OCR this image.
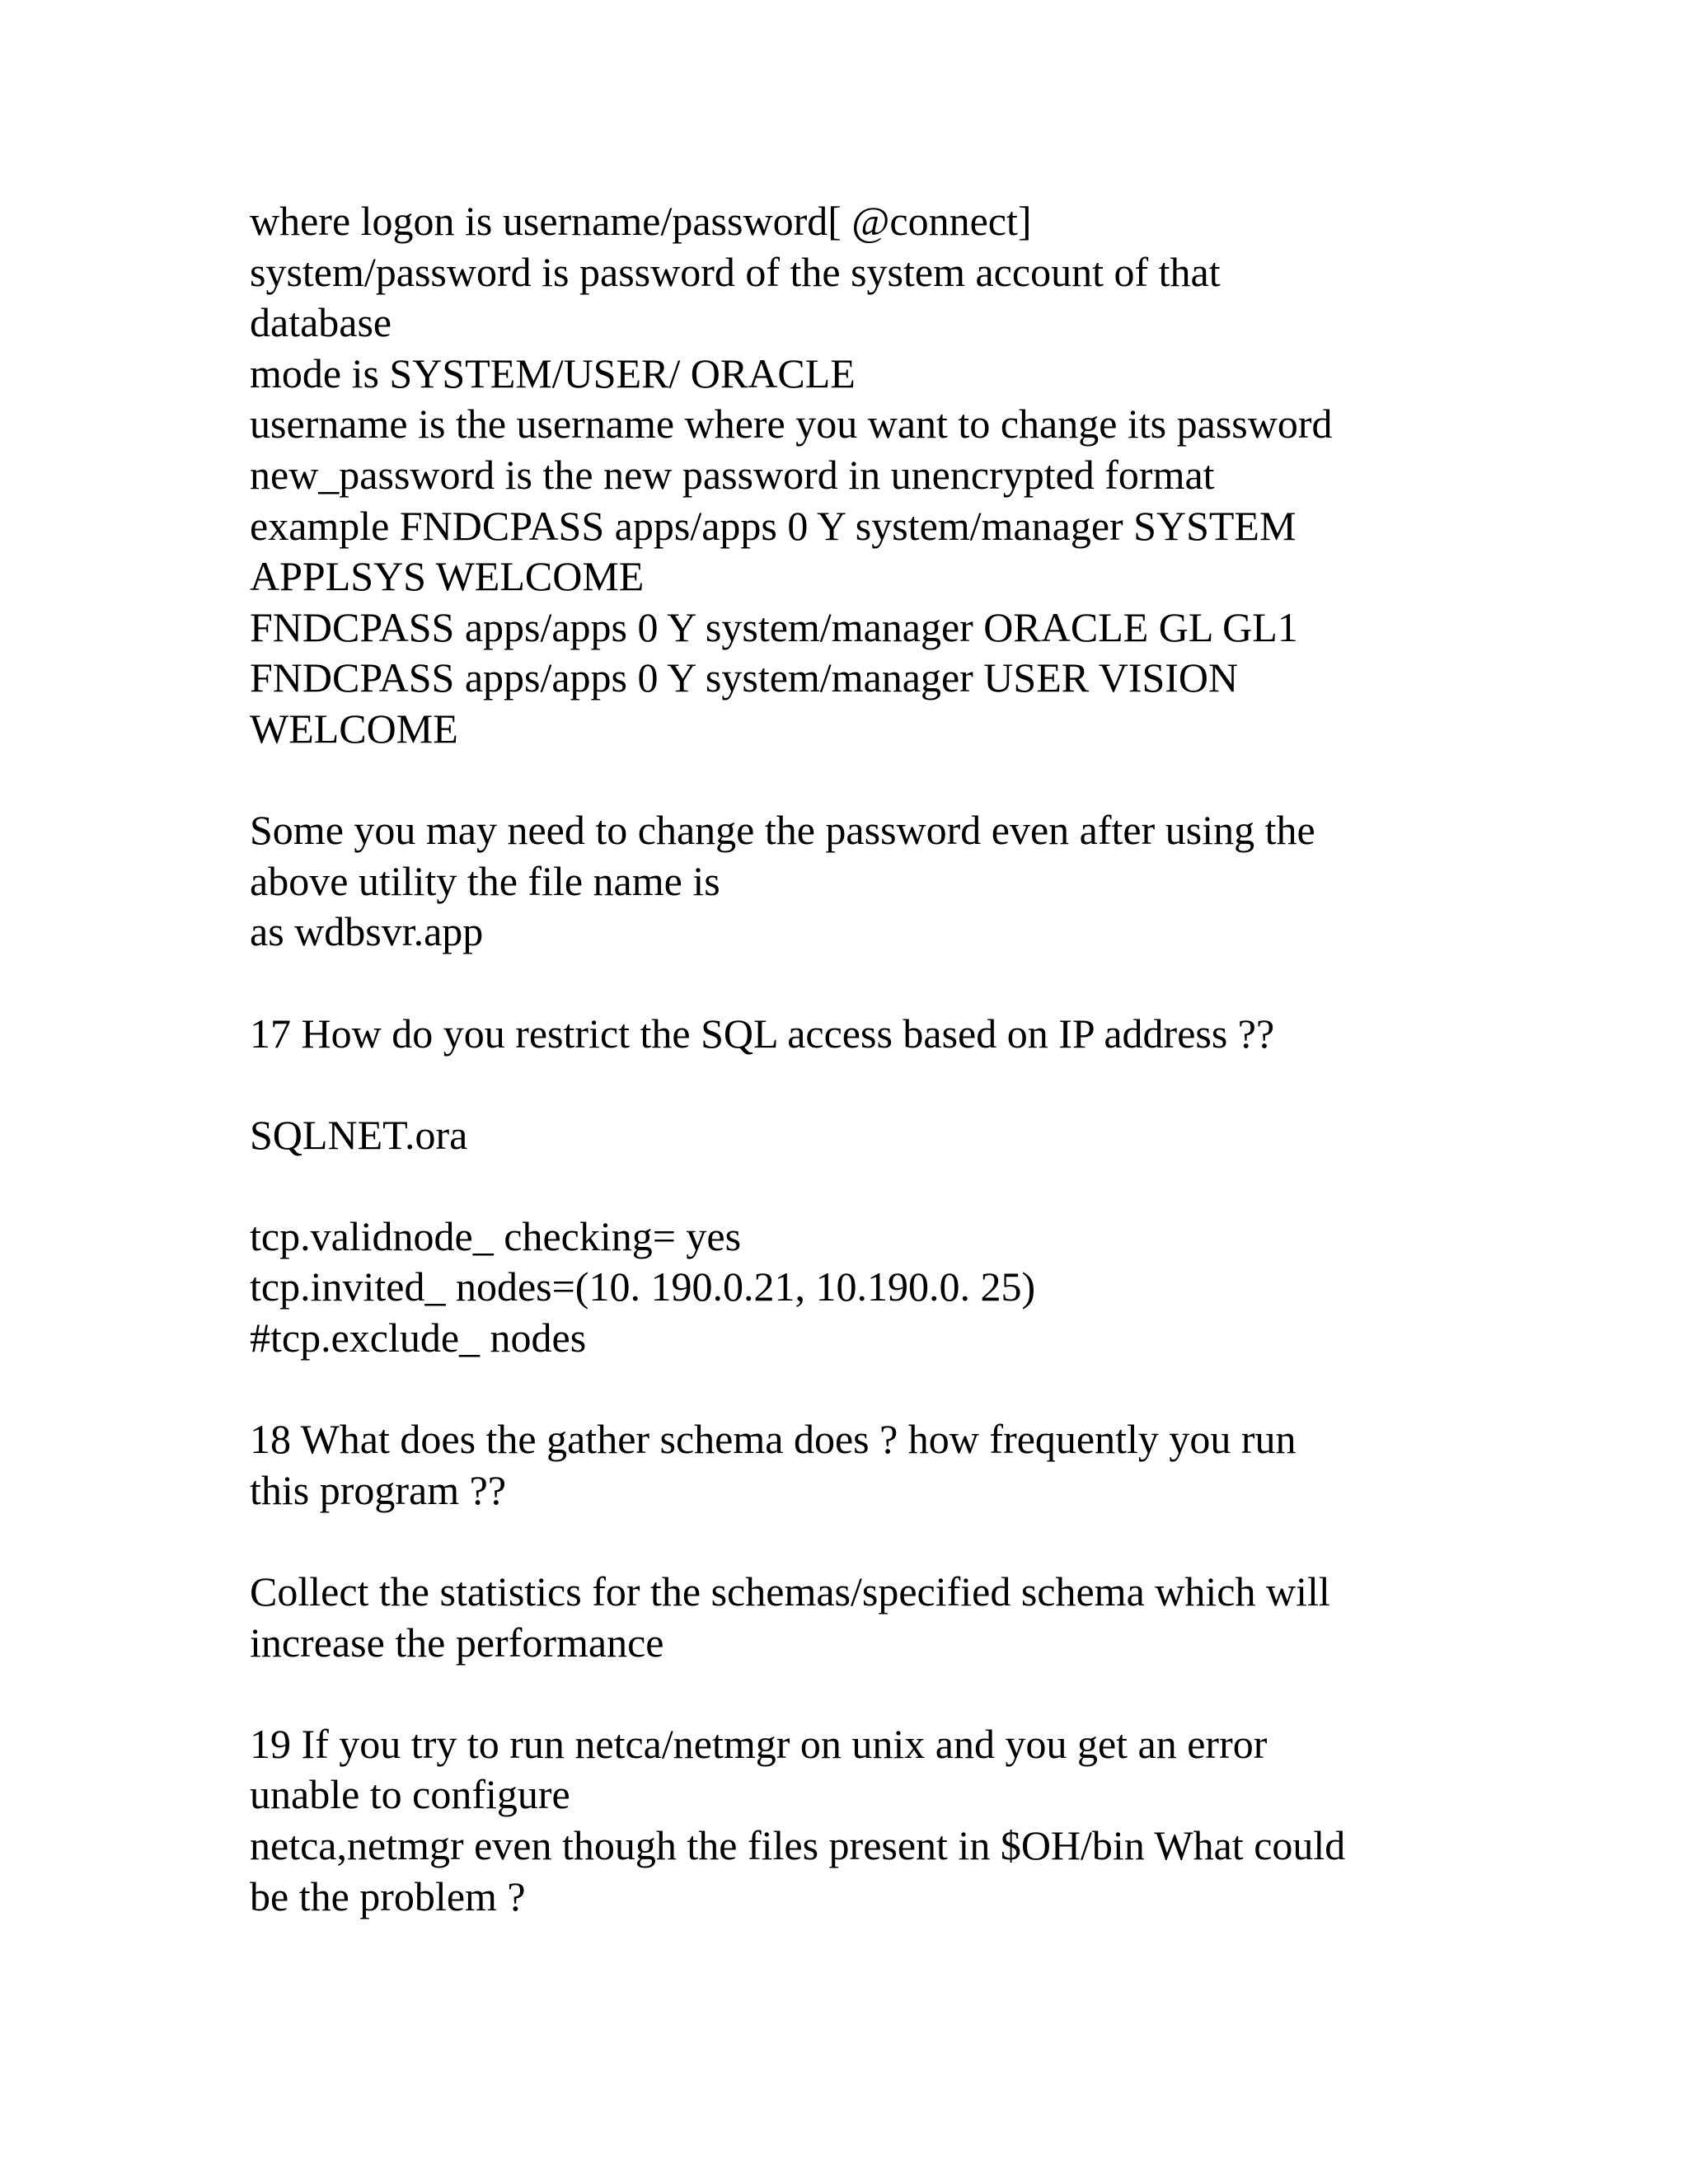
where logon is username/password[ @connect]
system/password is password of the system account of that
database
mode is SYSTEM/USER/ ORACLE
username is the username where you want to change its password
new_password is the new password in unencrypted format
example FNDCPASS apps/apps 0 Y system/manager SYSTEM
APPLSYS WELCOME
FNDCPASS apps/apps 0 Y system/manager ORACLE GL GL1
FNDCPASS apps/apps 0 Y system/manager USER VISION
WELCOME
Some you may need to change the password even after using the
above utility the file name is
as wdbsvr.app
17 How do you restrict the SQL access based on IP address ??
SQLNET.ora
tcp.validnode_ checking= yes
tcp.invited_ nodes=(10. 190.0.21, 10.190.0. 25)
#tcp.exclude_ nodes
18 What does the gather schema does ? how frequently you run
this program ??
Collect the statistics for the schemas/specified schema which will
increase the performance
19 If you try to run netca/netmgr on unix and you get an error
unable to configure
netca,netmgr even though the files present in $OH/bin What could
be the problem ?
